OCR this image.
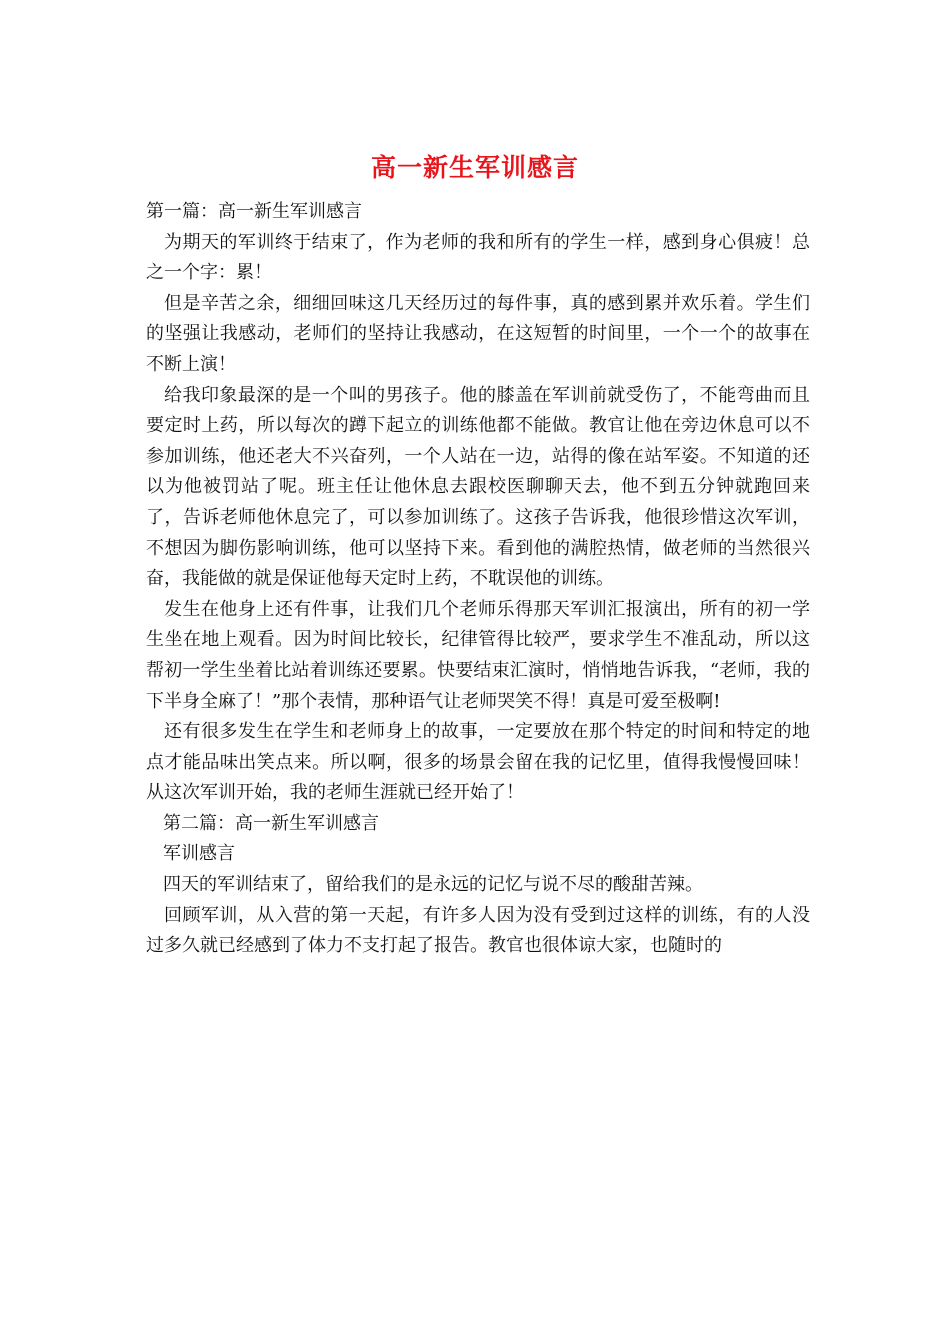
高一新生军训感言

第一篇：高一新生军训感言

为期天的军训终于结束了，作为老师的我和所有的学生一样，感到身心俱疲！总之一个字：累！

但是辛苦之余，细细回味这几天经历过的每件事，真的感到累并欢乐着。学生们的坚强让我感动，老师们的坚持让我感动，在这短暂的时间里，一个一个的故事在不断上演！

给我印象最深的是一个叫的男孩子。他的膝盖在军训前就受伤了，不能弯曲而且要定时上药，所以每次的蹲下起立的训练他都不能做。教官让他在旁边休息可以不参加训练，他还老大不兴奋列，一个人站在一边，站得的像在站军姿。不知道的还以为他被罚站了呢。班主任让他休息去跟校医聊聊天去，他不到五分钟就跑回来了，告诉老师他休息完了，可以参加训练了。这孩子告诉我，他很珍惜这次军训，不想因为脚伤影响训练，他可以坚持下来。看到他的满腔热情，做老师的当然很兴奋，我能做的就是保证他每天定时上药，不耽误他的训练。

发生在他身上还有件事，让我们几个老师乐得那天军训汇报演出，所有的初一学生坐在地上观看。因为时间比较长，纪律管得比较严，要求学生不准乱动，所以这帮初一学生坐着比站着训练还要累。快要结束汇演时，悄悄地告诉我，“老师，我的下半身全麻了！”那个表情，那种语气让老师哭笑不得！真是可爱至极啊!

还有很多发生在学生和老师身上的故事，一定要放在那个特定的时间和特定的地点才能品味出笑点来。所以啊，很多的场景会留在我的记忆里，值得我慢慢回味！从这次军训开始，我的老师生涯就已经开始了！

第二篇：高一新生军训感言

军训感言

四天的军训结束了，留给我们的是永远的记忆与说不尽的酸甜苦辣。

回顾军训，从入营的第一天起，有许多人因为没有受到过这样的训练，有的人没过多久就已经感到了体力不支打起了报告。教官也很体谅大家，也随时的
